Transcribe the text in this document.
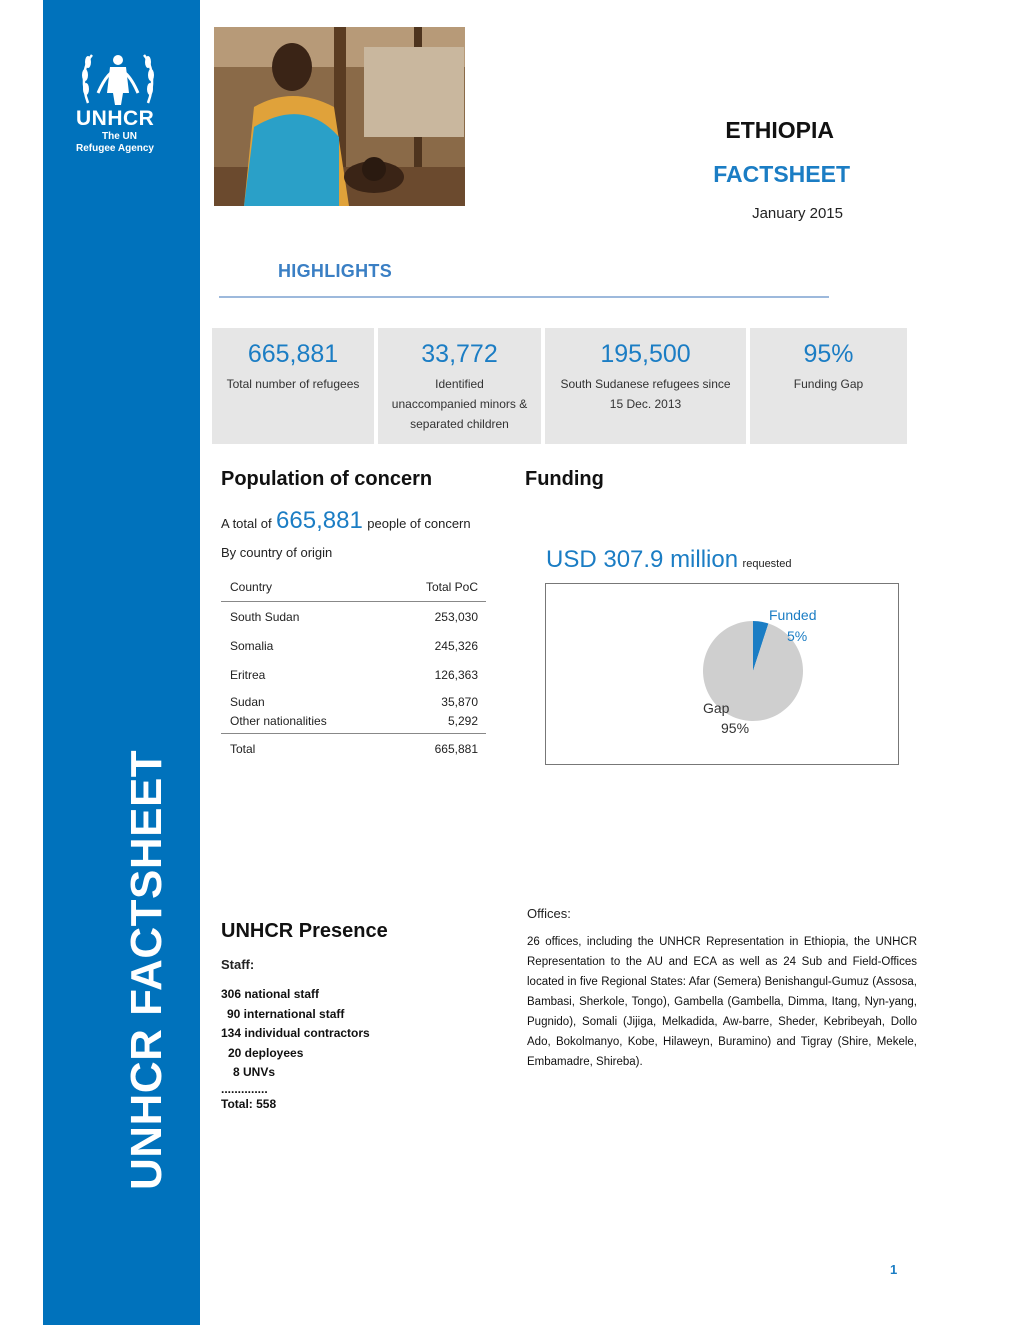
UNHCR
The UN
Refugee Agency
UNHCR FACTSHEET
ETHIOPIA
FACTSHEET
January 2015
HIGHLIGHTS
665,881
Total number of refugees
33,772
Identified
unaccompanied minors &
separated children
195,500
South Sudanese refugees since
15 Dec. 2013
95%
Funding Gap
Population of concern
A total of 665,881 people of concern
By country of origin
Country	Total PoC
South Sudan	253,030
Somalia	245,326
Eritrea	126,363
Sudan	35,870
Other nationalities	5,292
Total	665,881
Funding
USD 307.9 million requested
Funded
5%
Gap
95%
UNHCR Presence
Staff:
306 national staff
90 international staff
134 individual contractors
20 deployees
8 UNVs
..............
Total: 558
Offices:
26 offices, including the UNHCR Representation in Ethiopia, the UNHCR Representation to the AU and ECA as well as 24 Sub and Field-Offices located in five Regional States: Afar (Semera) Benishangul-Gumuz (Assosa, Bambasi, Sherkole, Tongo), Gambella (Gambella, Dimma, Itang, Nyn-yang, Pugnido), Somali (Jijiga, Melkadida, Aw-barre, Sheder, Kebribeyah, Dollo Ado, Bokolmanyo, Kobe, Hilaweyn, Buramino) and Tigray (Shire, Mekele, Embamadre, Shireba).
1
